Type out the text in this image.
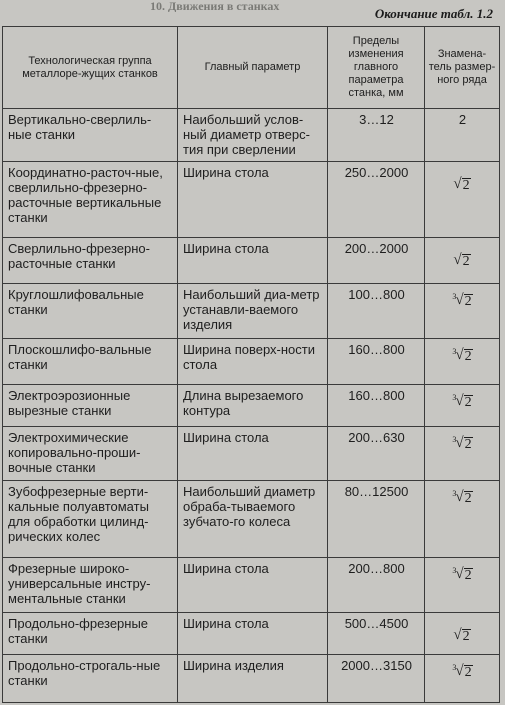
10. Движения в станках	Окончание табл. 1.2
Технологическая группа металлоре-жущих станков	Главный параметр	Пределы изменения главного параметра станка, мм	Знамена-тель размер-ного ряда
Вертикально-сверлиль-ные станки	Наибольший услов-ный диаметр отверс-тия при сверлении	3…12	2
Координатно-расточ-ные, сверлильно-фрезерно-расточные вертикальные станки	Ширина стола	250…2000	√ 2

Сверлильно-фрезерно-расточные станки	Ширина стола	200…2000	√ 2

Круглошлифовальные станки	Наибольший диа-метр устанавли-ваемого изделия	100…800	3 √ 2

Плоскошлифо-вальные станки	Ширина поверх-ности стола	160…800	3 √ 2

Электроэрозионные вырезные станки	Длина вырезаемого контура	160…800	3 √ 2

Электрохимические копировально-проши-вочные станки	Ширина стола	200…630	3 √ 2

Зубофрезерные верти-кальные полуавтоматы для обработки цилинд-рических колес	Наибольший диаметр обраба-тываемого зубчато-го колеса	80…12500	3 √ 2

Фрезерные широко-универсальные инстру-ментальные станки	Ширина стола	200…800	3 √ 2

Продольно-фрезерные станки	Ширина стола	500…4500	√ 2

Продольно-строгаль-ные станки	Ширина изделия	2000…3150	3 √ 2
